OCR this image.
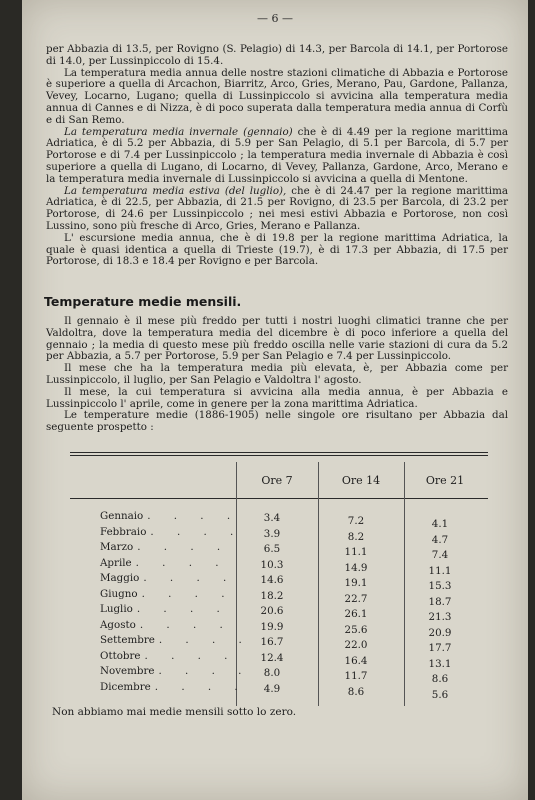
— 6 —

per Abbazia di 13.5, per Rovigno (S. Pelagio) di 14.3, per Barcola di 14.1, per Portorose di 14.0, per Lussinpiccolo di 15.4.

La temperatura media annua delle nostre stazioni climatiche di Abbazia e Portorose è superiore a quella di Arcachon, Biarritz, Arco, Gries, Merano, Pau, Gardone, Pallanza, Vevey, Locarno, Lugano; quella di Lussinpiccolo si avvicina alla temperatura media annua di Cannes e di Nizza, è di poco superata dalla temperatura media annua di Corfù e di San Remo.

La temperatura media invernale (gennaio) che è di 4.49 per la regione marittima Adriatica, è di 5.2 per Abbazia, di 5.9 per San Pelagio, di 5.1 per Barcola, di 5.7 per Portorose e di 7.4 per Lussinpiccolo ; la temperatura media invernale di Abbazia è così superiore a quella di Lugano, di Locarno, di Vevey, Pallanza, Gardone, Arco, Merano e la temperatura media invernale di Lussinpiccolo si avvicina a quella di Mentone.

La temperatura media estiva (del luglio), che è di 24.47 per la regione marittima Adriatica, è di 22.5, per Abbazia, di 21.5 per Rovigno, di 23.5 per Barcola, di 23.2 per Portorose, di 24.6 per Lussinpiccolo ; nei mesi estivi Abbazia e Portorose, non così Lussino, sono più fresche di Arco, Gries, Merano e Pallanza.

L' escursione media annua, che è di 19.8 per la regione marittima Adriatica, la quale è quasi identica a quella di Trieste (19.7), è di 17.3 per Abbazia, di 17.5 per Portorose, di 18.3 e 18.4 per Rovigno e per Barcola.

Temperature medie mensili.

Il gennaio è il mese più freddo per tutti i nostri luoghi climatici tranne che per Valdoltra, dove la temperatura media del dicembre è di poco inferiore a quella del gennaio ; la media di questo mese più freddo oscilla nelle varie stazioni di cura da 5.2 per Abbazia, a 5.7 per Portorose, 5.9 per San Pelagio e 7.4 per Lussinpiccolo.

Il mese che ha la temperatura media più elevata, è, per Abbazia come per Lussinpiccolo, il luglio, per San Pelagio e Valdoltra l' agosto.

Il mese, la cui temperatura si avvicina alla media annua, è per Abbazia e Lussinpiccolo l' aprile, come in genere per la zona marittima Adriatica.

Le temperature medie (1886-1905) nelle singole ore risultano per Abbazia dal seguente prospetto :

Ore 7	Ore 14	Ore 21
Gennaio . . . .	3.4	7.2	4.1
Febbraio . . . .	3.9	8.2	4.7
Marzo . . . .	6.5	11.1	7.4
Aprile . . . .	10.3	14.9	11.1
Maggio . . . .	14.6	19.1	15.3
Giugno . . . .	18.2	22.7	18.7
Luglio . . . .	20.6	26.1	21.3
Agosto . . . .	19.9	25.6	20.9
Settembre . . . . 16.7	22.0	17.7
Ottobre . . . .	12.4	16.4	13.1
Novembre . . . .	8.0	11.7	8.6
Dicembre . . . .	4.9	8.6	5.6
Non abbiamo mai medie mensili sotto lo zero.
